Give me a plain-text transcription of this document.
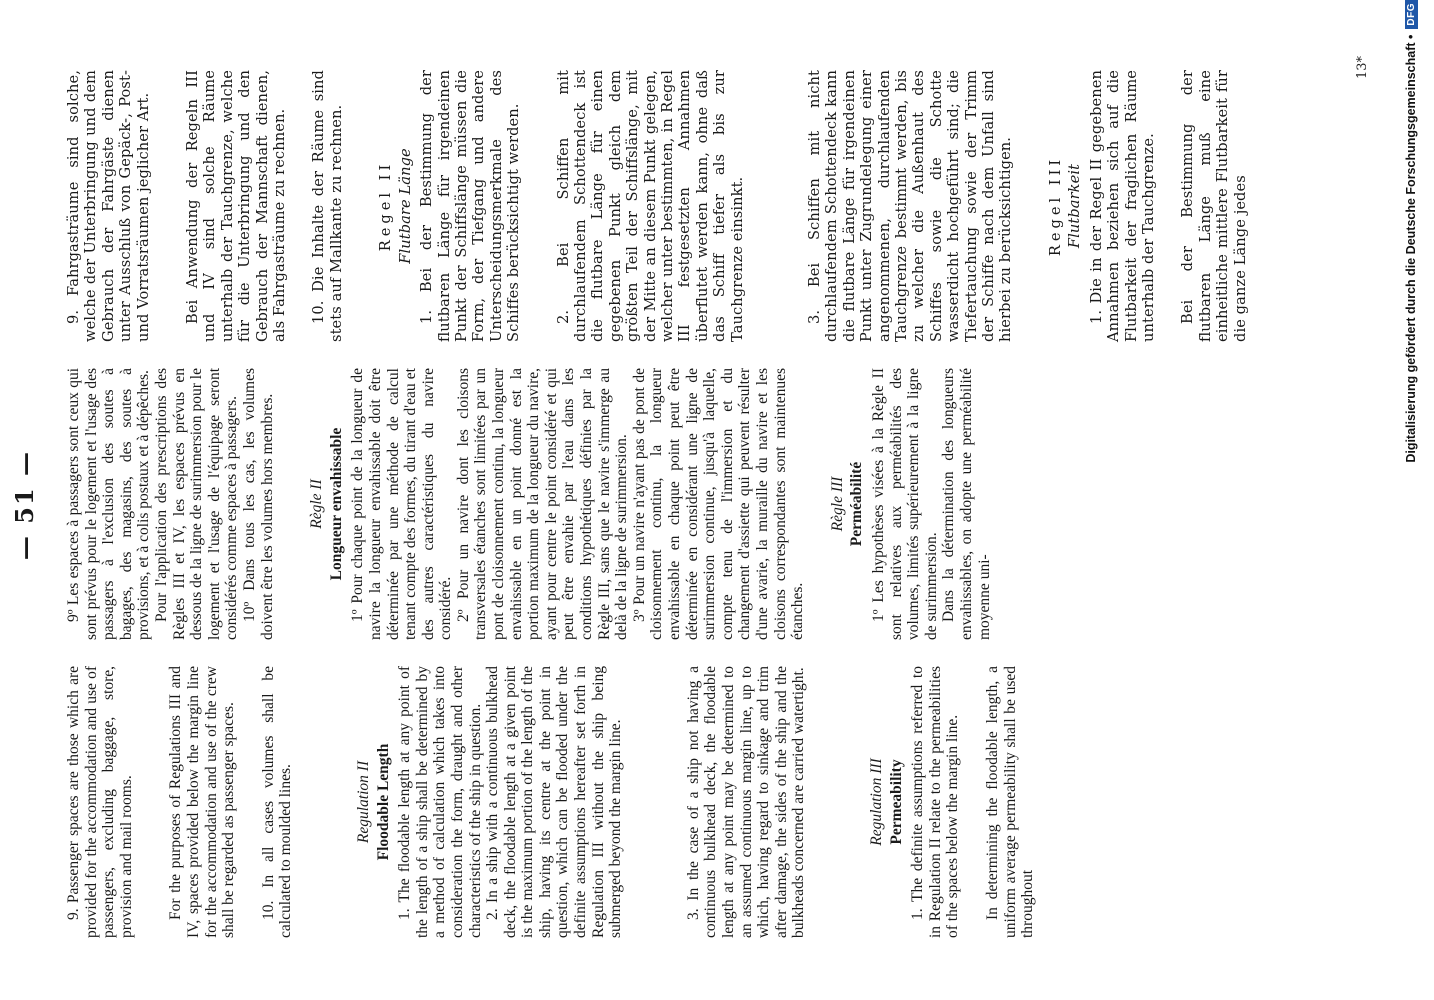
— 51 —

9. Passenger spaces are those which are provided for the accommodation and use of passengers, excluding baggage, store, provision and mail rooms. For the purposes of Regulations III and IV, spaces provided below the margin line for the accommodation and use of the crew shall be regarded as passenger spaces. 10. In all cases volumes shall be calculated to moulded lines.	Regulation II Floodable Length 1. The floodable length at any point of the length of a ship shall be determined by a method of calculation which takes into consideration the form, draught and other characteristics of the ship in question. 2. In a ship with a continuous bulkhead deck, the floodable length at a given point is the maximum portion of the length of the ship, having its centre at the point in question, which can be flooded under the definite assumptions hereafter set forth in Regulation III without the ship being submerged beyond the margin line.	3. In the case of a ship not having a continuous bulkhead deck, the floodable length at any point may be determined to an assumed continuous margin line, up to which, having regard to sinkage and trim after damage, the sides of the ship and the bulkheads concerned are carried watertight.	Regulation III Permeability 1. The definite assumptions referred to in Regulation II relate to the permeabilities of the spaces below the margin line. In determining the floodable length, a uniform average permeability shall be used throughout

9º Les espaces à passagers sont ceux qui sont prévus pour le logement et l'usage des passagers à l'exclusion des soutes à bagages, des magasins, des soutes à provisions, et à colis postaux et à dépêches. Pour l'application des prescriptions des Règles III et IV, les espaces prévus en dessous de la ligne de surimmersion pour le logement et l'usage de l'équipage seront considérés comme espaces à passagers. 10º Dans tous les cas, les volumes doivent être les volumes hors membres. Règle II Longueur envahissable 1º Pour chaque point de la longueur de navire la longueur envahissable doit être déterminée par une méthode de calcul tenant compte des formes, du tirant d'eau et des autres caractéristiques du navire considéré. 2º Pour un navire dont les cloisons transversales étanches sont limitées par un pont de cloisonnement continu, la longueur envahissable en un point donné est la portion maximum de la longueur du navire, ayant pour centre le point considéré et qui peut être envahie par l'eau dans les conditions hypothétiques définies par la Règle III, sans que le navire s'immerge au delà de la ligne de surimmersion. 3º Pour un navire n'ayant pas de pont de cloisonnement continu, la longueur envahissable en chaque point peut être déterminée en considérant une ligne de surimmersion continue, jusqu'à laquelle, compte tenu de l'immersion et du changement d'assiette qui peuvent résulter d'une avarie, la muraille du navire et les cloisons correspondantes sont maintenues étanches.

Règle III Perméabilité 1º Les hypothèses visées à la Règle II sont relatives aux perméabilités des volumes, limités supérieurement à la ligne de surimmersion. Dans la détermination des longueurs envahissables, on adopte une perméabilité moyenne uni-

9. Fahrgasträume sind solche, welche der Unterbringung und dem Gebrauch der Fahrgäste dienen unter Ausschluß von Gepäck-, Post- und Vorratsräumen jeglicher Art. Bei Anwendung der Regeln III und IV sind solche Räume unterhalb der Tauchgrenze, welche für die Unterbringung und den Gebrauch der Mannschaft dienen, als Fahrgasträume zu rechnen. 10. Die Inhalte der Räume sind stets auf Mallkante zu rechnen. Regel II Flutbare Länge 1. Bei der Bestimmung der flutbaren Länge für irgendeinen Punkt der Schiffslänge müssen die Form, der Tiefgang und andere Unterscheidungsmerkmale des Schiffes berücksichtigt werden. 2. Bei Schiffen mit durchlaufendem Schottendeck ist die flutbare Länge für einen gegebenen Punkt gleich dem größten Teil der Schiffslänge, mit der Mitte an diesem Punkt gelegen, welcher unter bestimmten, in Regel III festgesetzten Annahmen überflutet werden kann, ohne daß das Schiff tiefer als bis zur Tauchgrenze einsinkt.	3. Bei Schiffen mit nicht durchlaufendem Schottendeck kann die flutbare Länge für irgendeinen Punkt unter Zugrundelegung einer angenommenen, durchlaufenden Tauchgrenze bestimmt werden, bis zu welcher die Außenhaut des Schiffes sowie die Schotte wasserdicht hochgeführt sind; die Tiefertauchung sowie der Trimm der Schiffe nach dem Unfall sind hierbei zu berücksichtigen. Regel III Flutbarkeit 1. Die in der Regel II gegebenen Annahmen beziehen sich auf die Flutbarkeit der fraglichen Räume unterhalb der Tauchgrenze. Bei der Bestimmung der flutbaren Länge muß eine einheitliche mittlere Flutbarkeit für die ganze Länge jedes

13*	Digitalisierung gefördert durch die Deutsche Forschungsgemeinschaft •
DFG
